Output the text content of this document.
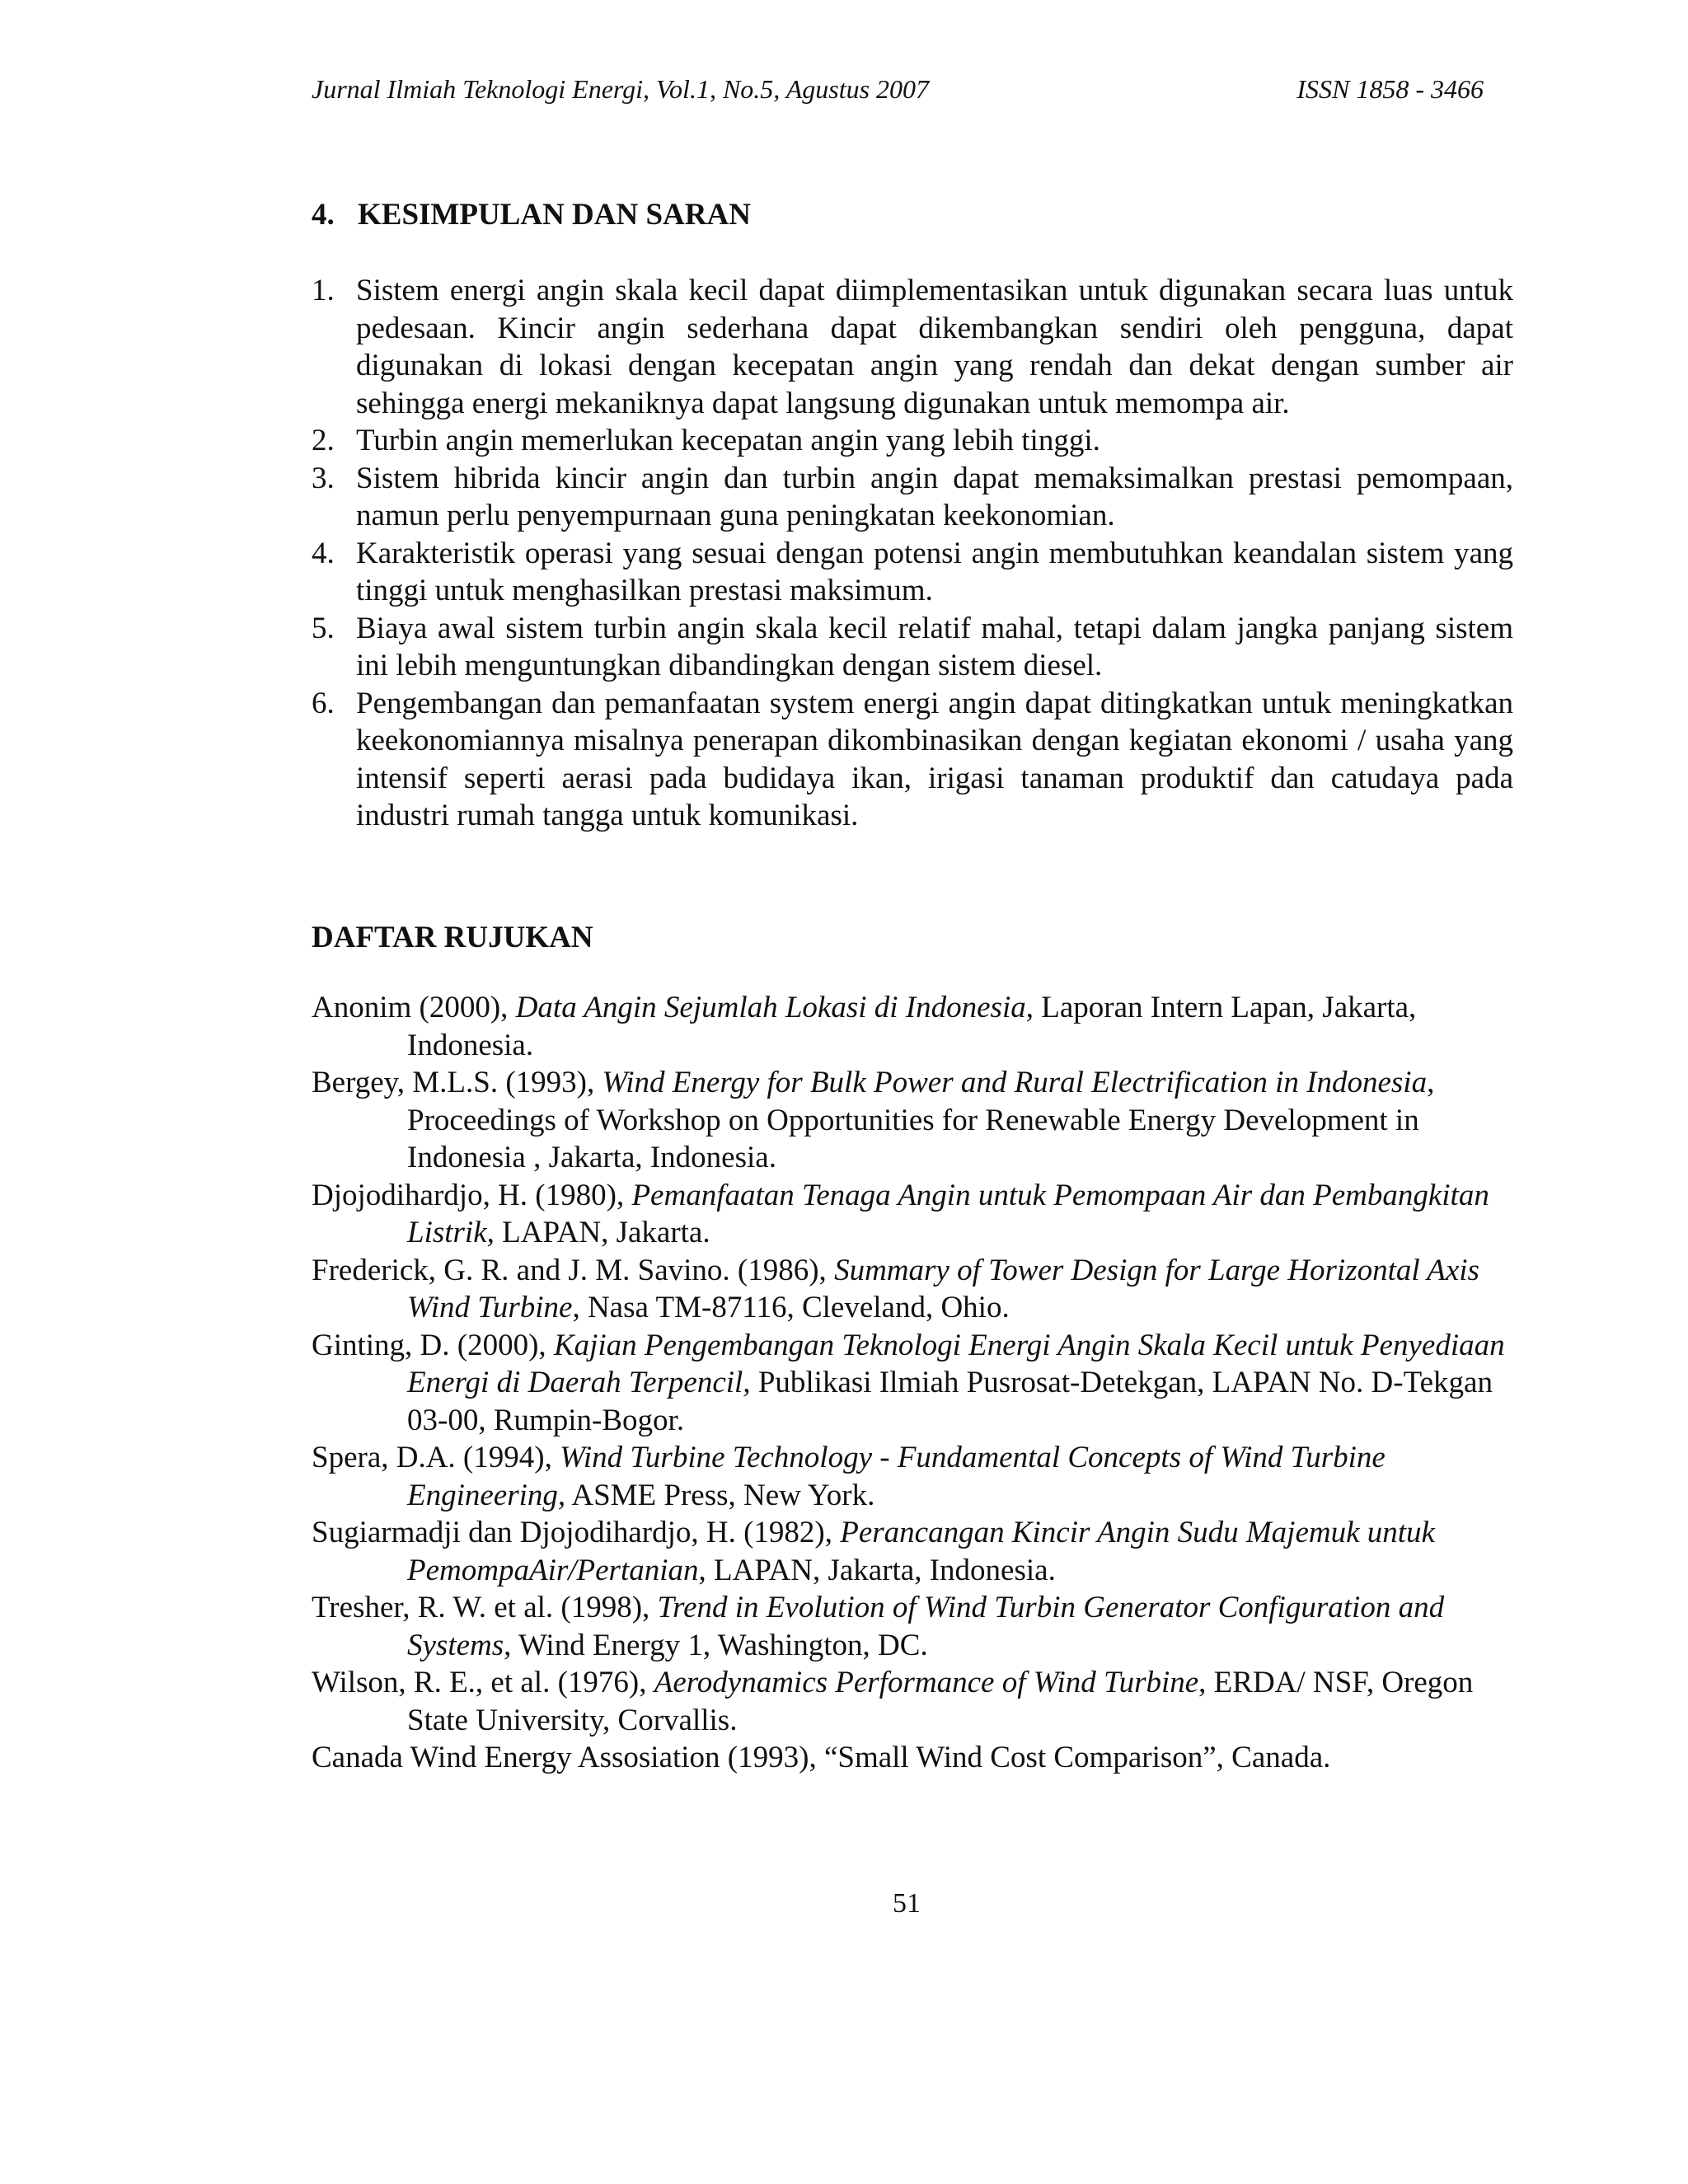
Jurnal Ilmiah Teknologi Energi, Vol.1, No.5, Agustus 2007	ISSN 1858 - 3466
4. KESIMPULAN DAN SARAN
1. Sistem energi angin skala kecil dapat diimplementasikan untuk digunakan secara luas untuk pedesaan. Kincir angin sederhana dapat dikembangkan sendiri oleh pengguna, dapat digunakan di lokasi dengan kecepatan angin yang rendah dan dekat dengan sumber air sehingga energi mekaniknya dapat langsung digunakan untuk memompa air.
2. Turbin angin memerlukan kecepatan angin yang lebih tinggi.
3. Sistem hibrida kincir angin dan turbin angin dapat memaksimalkan prestasi pemompaan, namun perlu penyempurnaan guna peningkatan keekonomian.
4. Karakteristik operasi yang sesuai dengan potensi angin membutuhkan keandalan sistem yang tinggi untuk menghasilkan prestasi maksimum.
5. Biaya awal sistem turbin angin skala kecil relatif mahal, tetapi dalam jangka panjang sistem ini lebih menguntungkan dibandingkan dengan sistem diesel.
6. Pengembangan dan pemanfaatan system energi angin dapat ditingkatkan untuk meningkatkan keekonomiannya misalnya penerapan dikombinasikan dengan kegiatan ekonomi / usaha yang intensif seperti aerasi pada budidaya ikan, irigasi tanaman produktif dan catudaya pada industri rumah tangga untuk komunikasi.
DAFTAR RUJUKAN
Anonim (2000), Data Angin Sejumlah Lokasi di Indonesia, Laporan Intern Lapan, Jakarta, Indonesia.
Bergey, M.L.S. (1993), Wind Energy for Bulk Power and Rural Electrification in Indonesia, Proceedings of Workshop on Opportunities for Renewable Energy Development in Indonesia , Jakarta, Indonesia.
Djojodihardjo, H. (1980), Pemanfaatan Tenaga Angin untuk Pemompaan Air dan Pembangkitan Listrik, LAPAN, Jakarta.
Frederick, G. R. and J. M. Savino. (1986), Summary of Tower Design for Large Horizontal Axis Wind Turbine, Nasa TM-87116, Cleveland, Ohio.
Ginting, D. (2000), Kajian Pengembangan Teknologi Energi Angin Skala Kecil untuk Penyediaan Energi di Daerah Terpencil, Publikasi Ilmiah Pusrosat-Detekgan, LAPAN No. D-Tekgan 03-00, Rumpin-Bogor.
Spera, D.A. (1994), Wind Turbine Technology - Fundamental Concepts of Wind Turbine Engineering, ASME Press, New York.
Sugiarmadji dan Djojodihardjo, H. (1982), Perancangan Kincir Angin Sudu Majemuk untuk PemompaAir/Pertanian, LAPAN, Jakarta, Indonesia.
Tresher, R. W. et al. (1998), Trend in Evolution of Wind Turbin Generator Configuration and Systems, Wind Energy 1, Washington, DC.
Wilson, R. E., et al. (1976), Aerodynamics Performance of Wind Turbine, ERDA/ NSF, Oregon State University, Corvallis.
Canada Wind Energy Assosiation (1993), “Small Wind Cost Comparison”, Canada.
51
